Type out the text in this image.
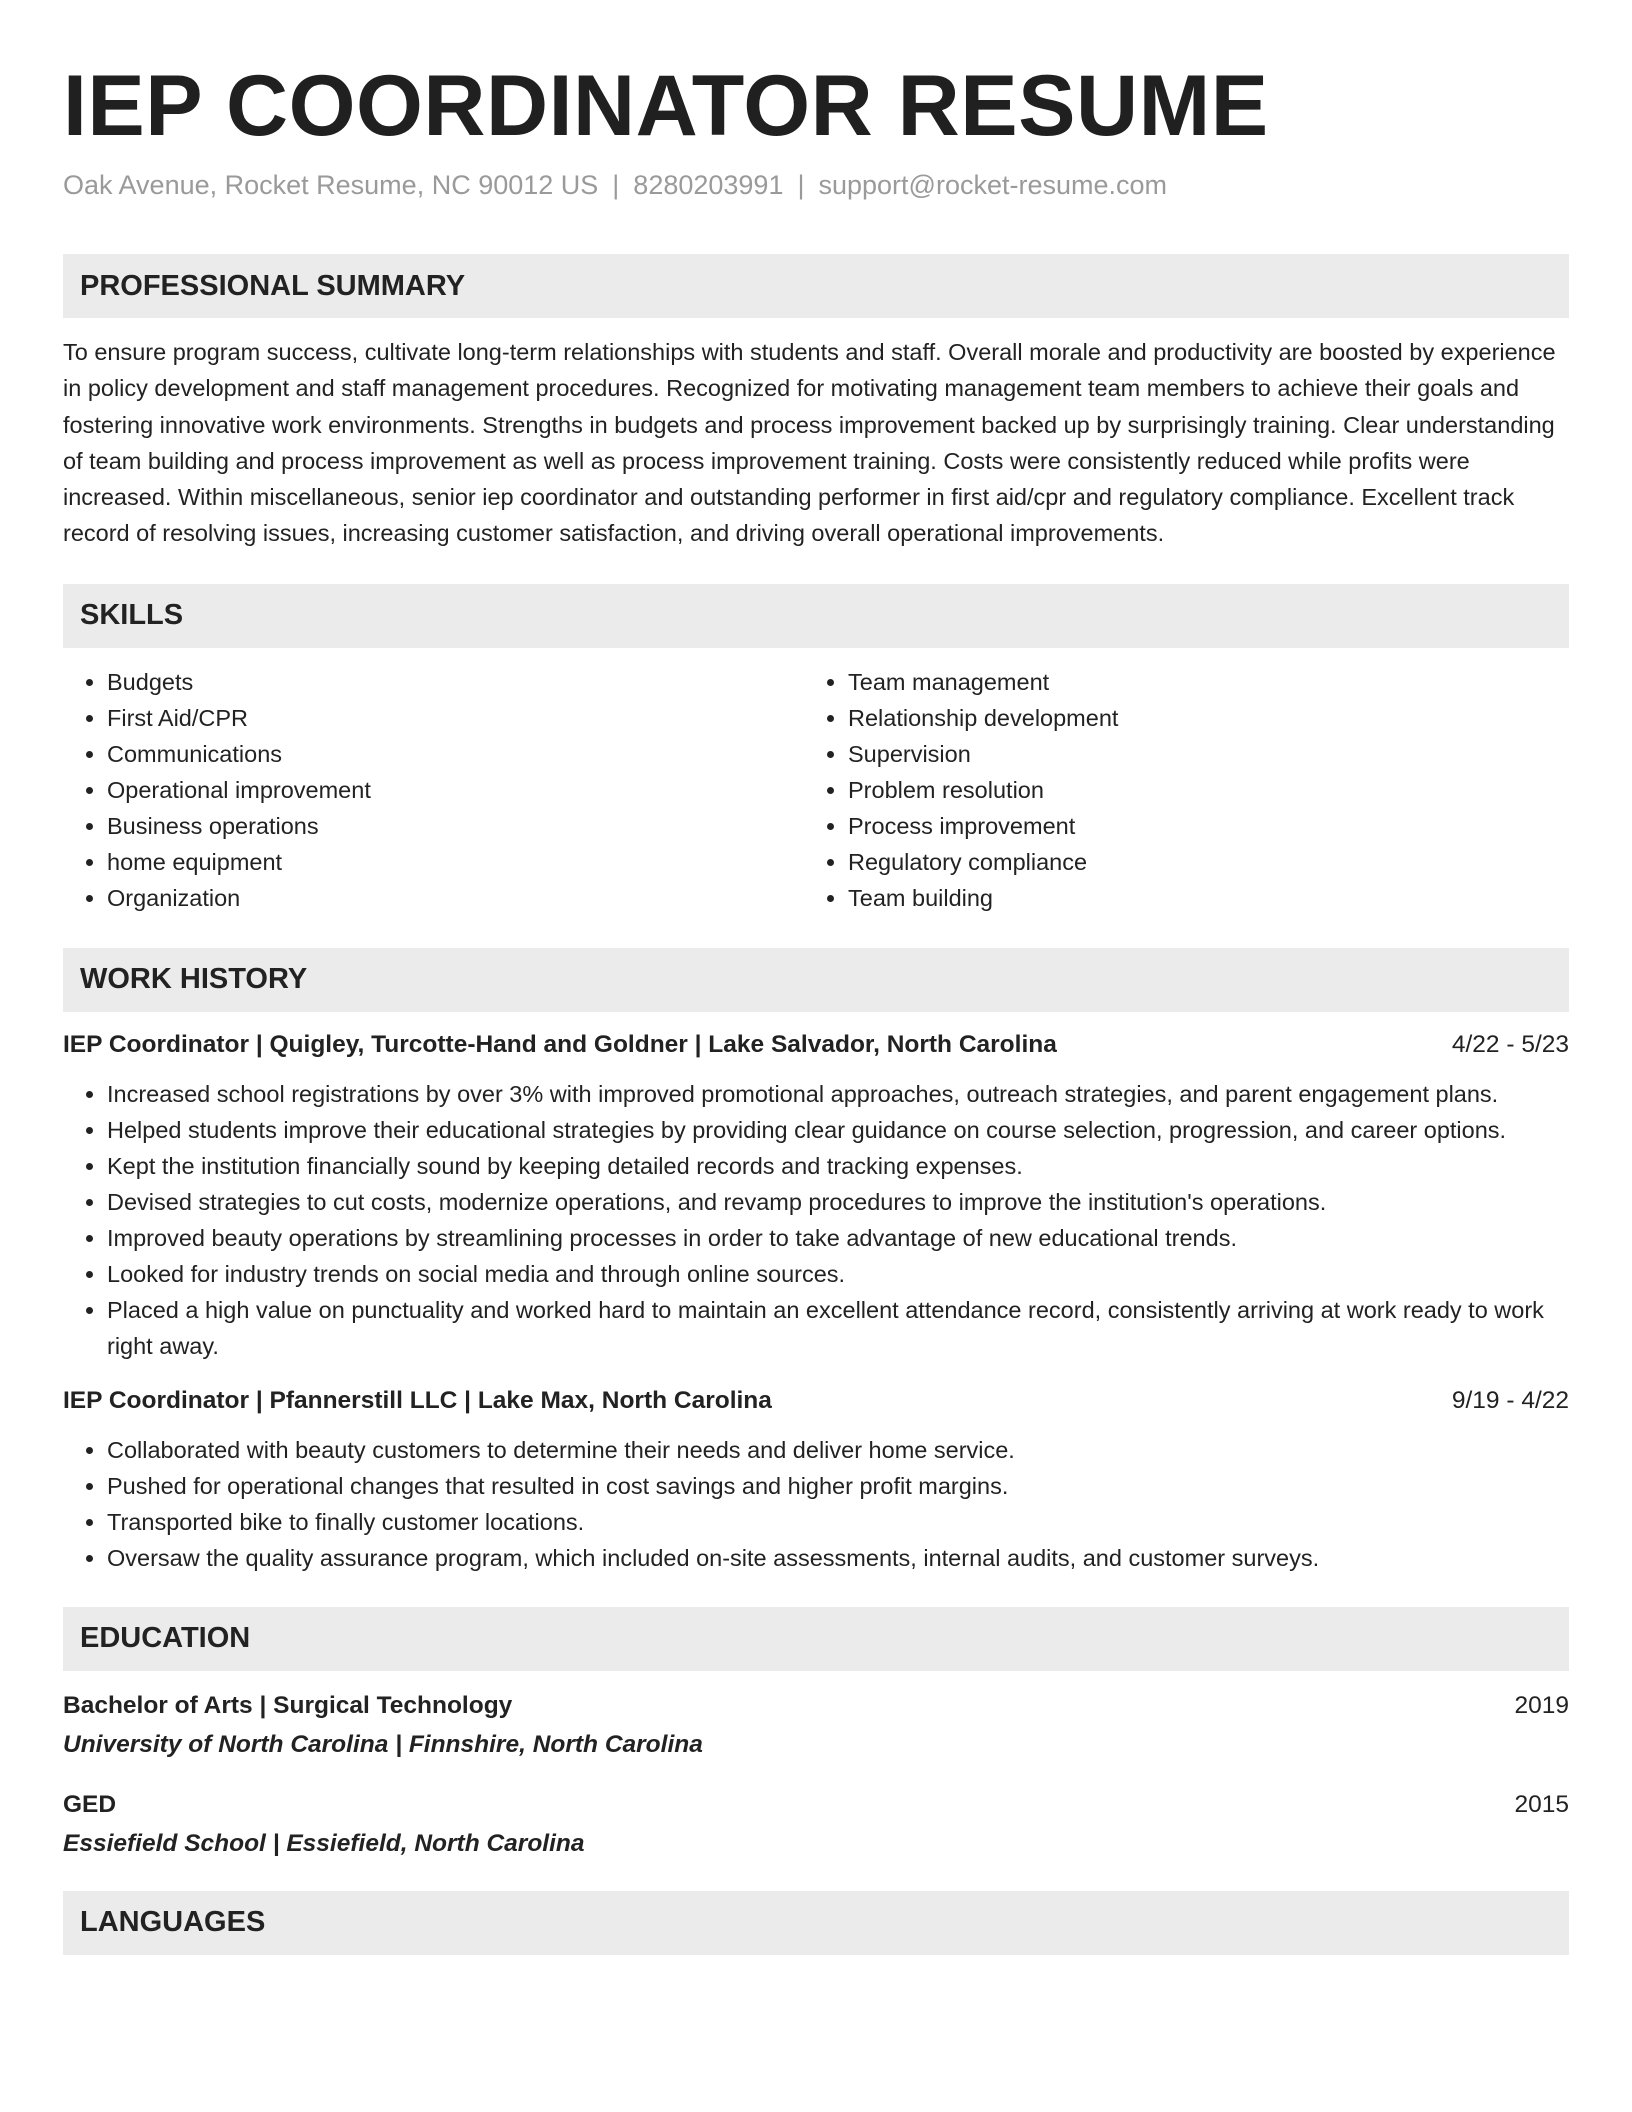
IEP COORDINATOR RESUME
Oak Avenue, Rocket Resume, NC 90012 US | 8280203991 | support@rocket-resume.com
PROFESSIONAL SUMMARY

To ensure program success, cultivate long-term relationships with students and staff. Overall morale and productivity are boosted by experience in policy development and staff management procedures. Recognized for motivating management team members to achieve their goals and fostering innovative work environments. Strengths in budgets and process improvement backed up by surprisingly training. Clear understanding of team building and process improvement as well as process improvement training. Costs were consistently reduced while profits were increased. Within miscellaneous, senior iep coordinator and outstanding performer in first aid/cpr and regulatory compliance. Excellent track record of resolving issues, increasing customer satisfaction, and driving overall operational improvements.

SKILLS
• Budgets
• First Aid/CPR
• Communications
• Operational improvement
• Business operations
• home equipment
• Organization
• Team management
• Relationship development
• Supervision
• Problem resolution
• Process improvement
• Regulatory compliance
• Team building
WORK HISTORY
IEP Coordinator | Quigley, Turcotte-Hand and Goldner | Lake Salvador, North Carolina	4/22 - 5/23
• Increased school registrations by over 3% with improved promotional approaches, outreach strategies, and parent engagement plans.
• Helped students improve their educational strategies by providing clear guidance on course selection, progression, and career options.
• Kept the institution financially sound by keeping detailed records and tracking expenses.
• Devised strategies to cut costs, modernize operations, and revamp procedures to improve the institution's operations.
• Improved beauty operations by streamlining processes in order to take advantage of new educational trends.
• Looked for industry trends on social media and through online sources.
• Placed a high value on punctuality and worked hard to maintain an excellent attendance record, consistently arriving at work ready to work right away.
IEP Coordinator | Pfannerstill LLC | Lake Max, North Carolina	9/19 - 4/22
• Collaborated with beauty customers to determine their needs and deliver home service.
• Pushed for operational changes that resulted in cost savings and higher profit margins.
• Transported bike to finally customer locations.
• Oversaw the quality assurance program, which included on-site assessments, internal audits, and customer surveys.
EDUCATION
Bachelor of Arts | Surgical Technology	2019
University of North Carolina | Finnshire, North Carolina
GED	2015
Essiefield School | Essiefield, North Carolina
LANGUAGES
